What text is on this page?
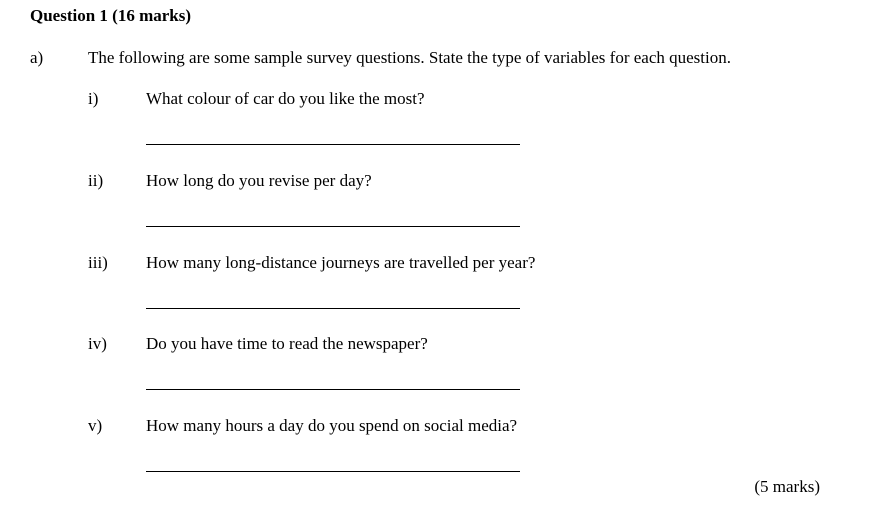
Question 1 (16 marks)
a)	The following are some sample survey questions. State the type of variables for each question.
i)	What colour of car do you like the most?
ii)	How long do you revise per day?
iii) How many long-distance journeys are travelled per year?
iv) Do you have time to read the newspaper?
v)	How many hours a day do you spend on social media?
(5 marks)
